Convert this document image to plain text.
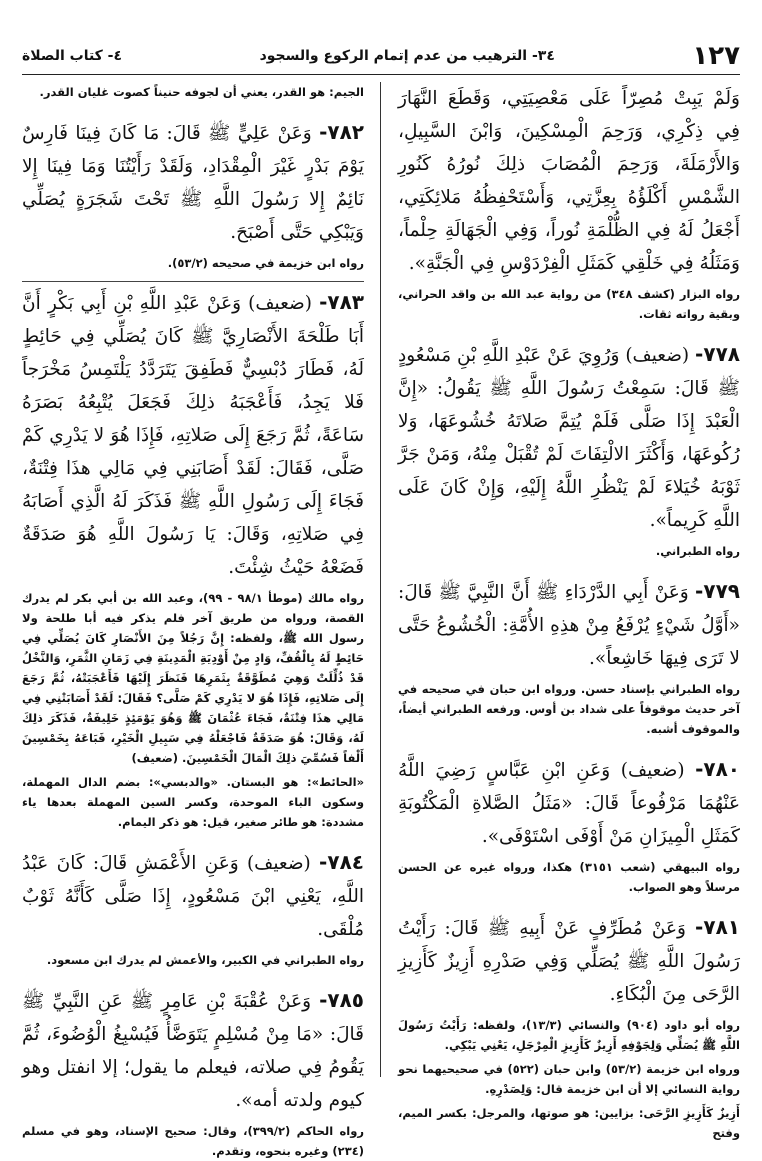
١٢٧
٣٤- الترهيب من عدم إتمام الركوع والسجود
٤- كتاب الصلاة

وَلَمْ يَبِتْ مُصِرّاً عَلَى مَعْصِيَتِي، وَقَطَعَ النَّهَارَ فِي ذِكْرِي، وَرَحِمَ الْمِسْكِينَ، وَابْنَ السَّبِيلِ، وَالأَرْمَلَةَ، وَرَحِمَ الْمُصَابَ ذلِكَ نُورُهُ كَنُورِ الشَّمْسِ أَكْلَؤُهُ بِعِزَّتِي، وَأَسْتَحْفِظُهُ مَلائِكَتِي، أَجْعَلُ لَهُ فِي الظُّلْمَةِ نُوراً، وَفِي الْجَهَالَةِ حِلْماً، وَمَثَلُهُ فِي خَلْقِي كَمَثَلِ الْفِرْدَوْسِ فِي الْجَنَّةِ».

رواه البزار (كشف ٣٤٨) من رواية عبد الله بن واقد الحراني، وبقية رواته ثقات.

٧٧٨- (ضعيف) وَرُوِيَ عَنْ عَبْدِ اللَّهِ بْنِ مَسْعُودٍ ﷺ قَالَ: سَمِعْتُ رَسُولَ اللَّهِ ﷺ يَقُولُ: «إِنَّ الْعَبْدَ إِذَا صَلَّى فَلَمْ يُتِمَّ صَلاتَهُ خُشُوعَهَا، وَلا رُكُوعَهَا، وَأَكْثَرَ الالْتِفَاتَ لَمْ تُقْبَلْ مِنْهُ، وَمَنْ جَرَّ ثَوْبَهُ خُيَلاءَ لَمْ يَنْظُرِ اللَّهُ إِلَيْهِ، وَإِنْ كَانَ عَلَى اللَّهِ كَرِيماً».

رواه الطبراني.

٧٧٩- وَعَنْ أَبِي الدَّرْدَاءِ ﷺ أَنَّ النَّبِيَّ ﷺ قَالَ: «أَوَّلُ شَيْءٍ يُرْفَعُ مِنْ هذِهِ الأُمَّةِ: الْخُشُوعُ حَتَّى لا تَرَى فِيهَا خَاشِعاً».

رواه الطبراني بإسناد حسن. ورواه ابن حبان في صحيحه في آخر حديث موقوفاً على شداد بن أوس. ورفعه الطبراني أيضاً، والموقوف أشبه.

٧٨٠- (ضعيف) وَعَنِ ابْنِ عَبَّاسٍ رَضِيَ اللَّهُ عَنْهُمَا مَرْفُوعاً قَالَ: «مَثَلُ الصَّلاةِ الْمَكْتُوبَةِ كَمَثَلِ الْمِيزَانِ مَنْ أَوْفَى اسْتَوْفَى».

رواه البيهقي (شعب ٣١٥١) هكذا، ورواه غيره عن الحسن مرسلاً وهو الصواب.

٧٨١- وَعَنْ مُطَرِّفٍ عَنْ أَبِيهِ ﷺ قَالَ: رَأَيْتُ رَسُولَ اللَّهِ ﷺ يُصَلِّي وَفِي صَدْرِهِ أَزِيزٌ كَأَزِيزِ الرَّحَى مِنَ الْبُكَاءِ.

رواه أبو داود (٩٠٤) والنسائي (١٣/٣)، ولفظه: رَأَيْتُ رَسُولَ اللَّهِ ﷺ يُصَلِّي وَلِجَوْفِهِ أَزِيزٌ كَأَزِيزِ الْمِرْجَلِ، يَعْنِي يَبْكِي.

ورواه ابن خزيمة (٥٣/٢) وابن حبان (٥٢٢) في صحيحيهما نحو رواية النسائي إلا أن ابن خزيمة قال: وَلِصَدْرِهِ.

أَزِيزٌ كَأَزِيزِ الرَّحَى: بزايين: هو صوتها، والمرجل: بكسر الميم، وفتح

الجيم: هو القدر، يعني أن لجوفه حنيناً كصوت غليان القدر.

٧٨٢- وَعَنْ عَلِيٍّ ﷺ قَالَ: مَا كَانَ فِينَا فَارِسٌ يَوْمَ بَدْرٍ غَيْرَ الْمِقْدَادِ، وَلَقَدْ رَأَيْتُنَا وَمَا فِينَا إِلا نَائِمٌ إِلا رَسُولَ اللَّهِ ﷺ تَحْتَ شَجَرَةٍ يُصَلِّي وَيَبْكِي حَتَّى أَصْبَحَ.

رواه ابن خزيمة في صحيحه (٥٣/٢).

٧٨٣- (ضعيف) وَعَنْ عَبْدِ اللَّهِ بْنِ أَبِي بَكْرٍ أَنَّ أَبَا طَلْحَةَ الأَنْصَارِيَّ ﷺ كَانَ يُصَلِّي فِي حَائِطٍ لَهُ، فَطَارَ دُبْسِيٌّ فَطَفِقَ يَتَرَدَّدُ يَلْتَمِسُ مَخْرَجاً فَلا يَجِدُ، فَأَعْجَبَهُ ذلِكَ فَجَعَلَ يُتْبِعُهُ بَصَرَهُ سَاعَةً، ثُمَّ رَجَعَ إِلَى صَلاتِهِ، فَإِذَا هُوَ لا يَدْرِي كَمْ صَلَّى، فَقَالَ: لَقَدْ أَصَابَنِي فِي مَالِي هذَا فِتْنَةٌ، فَجَاءَ إِلَى رَسُولِ اللَّهِ ﷺ فَذَكَرَ لَهُ الَّذِي أَصَابَهُ فِي صَلاتِهِ، وَقَالَ: يَا رَسُولَ اللَّهِ هُوَ صَدَقَةٌ فَضَعْهُ حَيْثُ شِئْتَ.

رواه مالك (موطأ ٩٨/١ - ٩٩)، وعبد الله بن أبي بكر لم يدرك القصة، ورواه من طريق آخر فلم يذكر فيه أبا طلحة ولا رسول الله ﷺ، ولفظه: إِنَّ رَجُلاً مِنَ الأَنْصَارِ كَانَ يُصَلِّي فِي حَائِطٍ لَهُ بِالْقُفِّ، وَادٍ مِنْ أَوْدِيَةِ الْمَدِينَةِ فِي زَمَانِ الثَّمَرِ، وَالنَّخْلُ قَدْ ذُلِّلَتْ وَهِيَ مُطَوَّقَةٌ بِثَمَرِهَا فَنَظَرَ إِلَيْهَا فَأَعْجَبَتْهُ، ثُمَّ رَجَعَ إِلَى صَلاتِهِ، فَإِذَا هُوَ لا يَدْرِي كَمْ صَلَّى؟ فَقَالَ: لَقَدْ أَصَابَتْنِي فِي مَالِي هذَا فِتْنَةٌ، فَجَاءَ عُثْمَانَ ﷺ وَهُوَ يَوْمَئِذٍ خَلِيفَةٌ، فَذَكَرَ ذلِكَ لَهُ، وَقَالَ: هُوَ صَدَقَةٌ فَاجْعَلْهُ فِي سَبِيلِ الْخَيْرِ، فَبَاعَهُ بِخَمْسِينَ أَلْفاً فَسُمِّيَ ذلِكَ الْمَالَ الْخَمْسِينَ. (ضعيف)

«الحائط»: هو البستان. «والدبسي»: بضم الدال المهملة، وسكون الباء الموحدة، وكسر السين المهملة بعدها ياء مشددة: هو طائر صغير، قيل: هو ذكر اليمام.

٧٨٤- (ضعيف) وَعَنِ الأَعْمَشِ قَالَ: كَانَ عَبْدُ اللَّهِ، يَعْنِي ابْنَ مَسْعُودٍ، إِذَا صَلَّى كَأَنَّهُ ثَوْبٌ مُلْقَى.

رواه الطبراني في الكبير، والأعمش لم يدرك ابن مسعود.

٧٨٥- وَعَنْ عُقْبَةَ بْنِ عَامِرٍ ﷺ عَنِ النَّبِيِّ ﷺ قَالَ: «مَا مِنْ مُسْلِمٍ يَتَوَضَّأُ فَيُسْبِغُ الْوُضُوءَ، ثُمَّ يَقُومُ فِي صلاته، فيعلم ما يقول؛ إلا انفتل وهو كيوم ولدته أمه».

رواه الحاكم (٣٩٩/٢)، وقال: صحيح الإسناد، وهو في مسلم (٢٣٤) وغيره بنحوه، وتقدم.
